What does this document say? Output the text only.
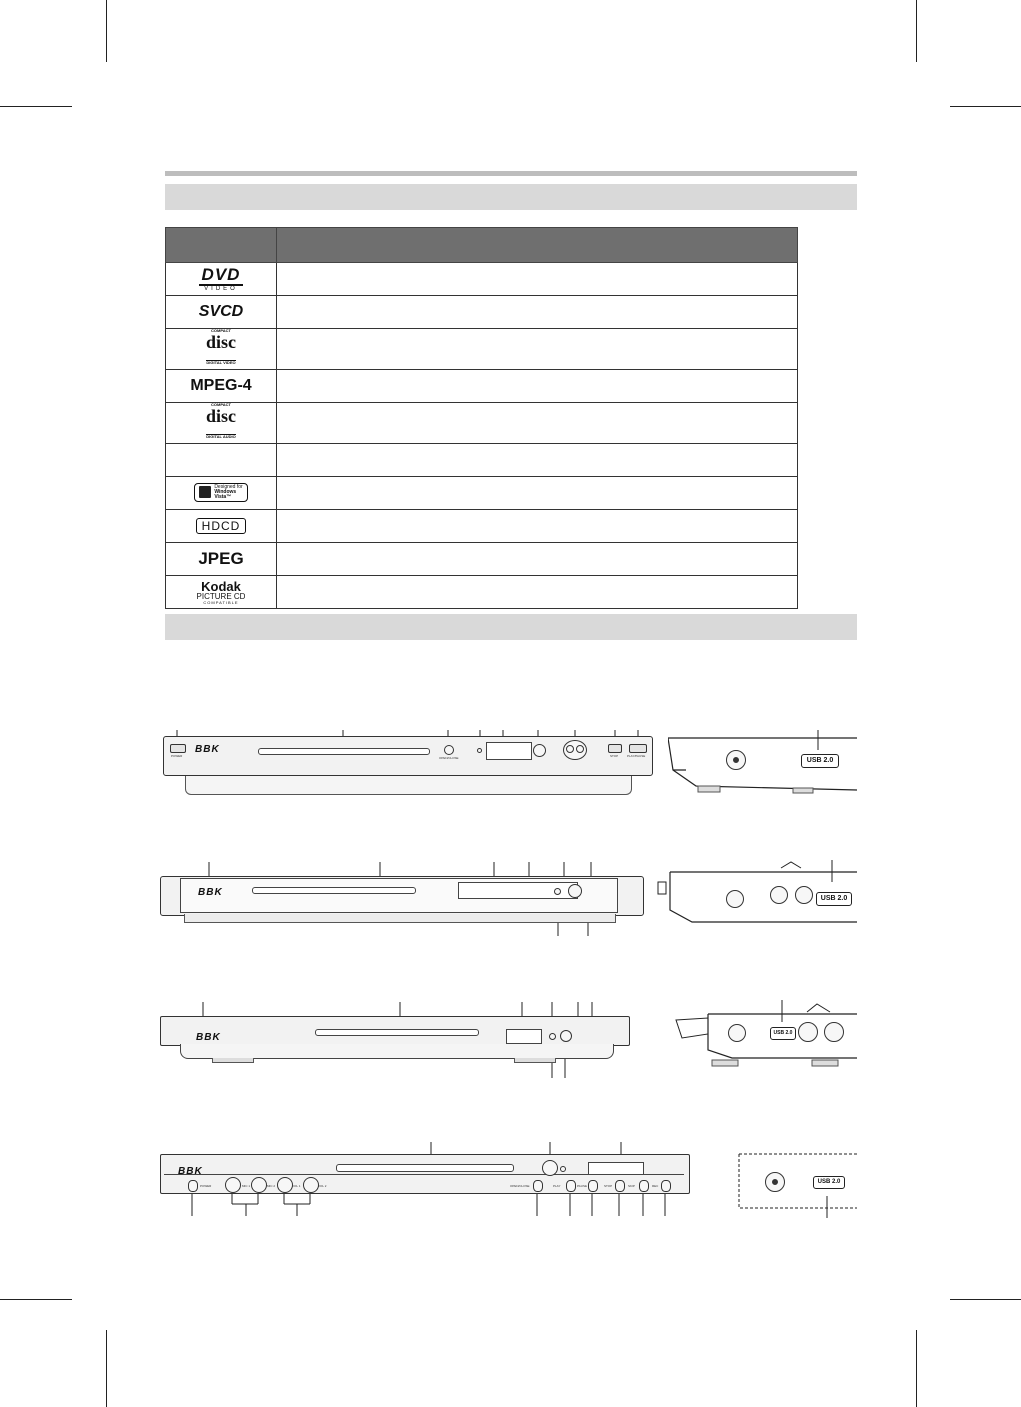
DVD
VIDEO	

SVCD	

COMPACT
disc
DIGITAL VIDEO	
MPEG-4	

COMPACT
disc
DIGITAL AUDIO	

Designed for
Windows
Vista™	

HDCD	
JPEG	

Kodak
PICTURE CD
COMPATIBLE	

POWER
BBK
OPEN/CLOSE	STOP	PLAY/PAUSE
USB 2.0
BBK
USB 2.0
BBK	USB 2.0
BBK
POWER	MIC 1	MIC 2	VOL 1	VOL 2	OPEN/CLOSE	PLAY	PAUSE	STOP	SKIP	REC
USB 2.0
